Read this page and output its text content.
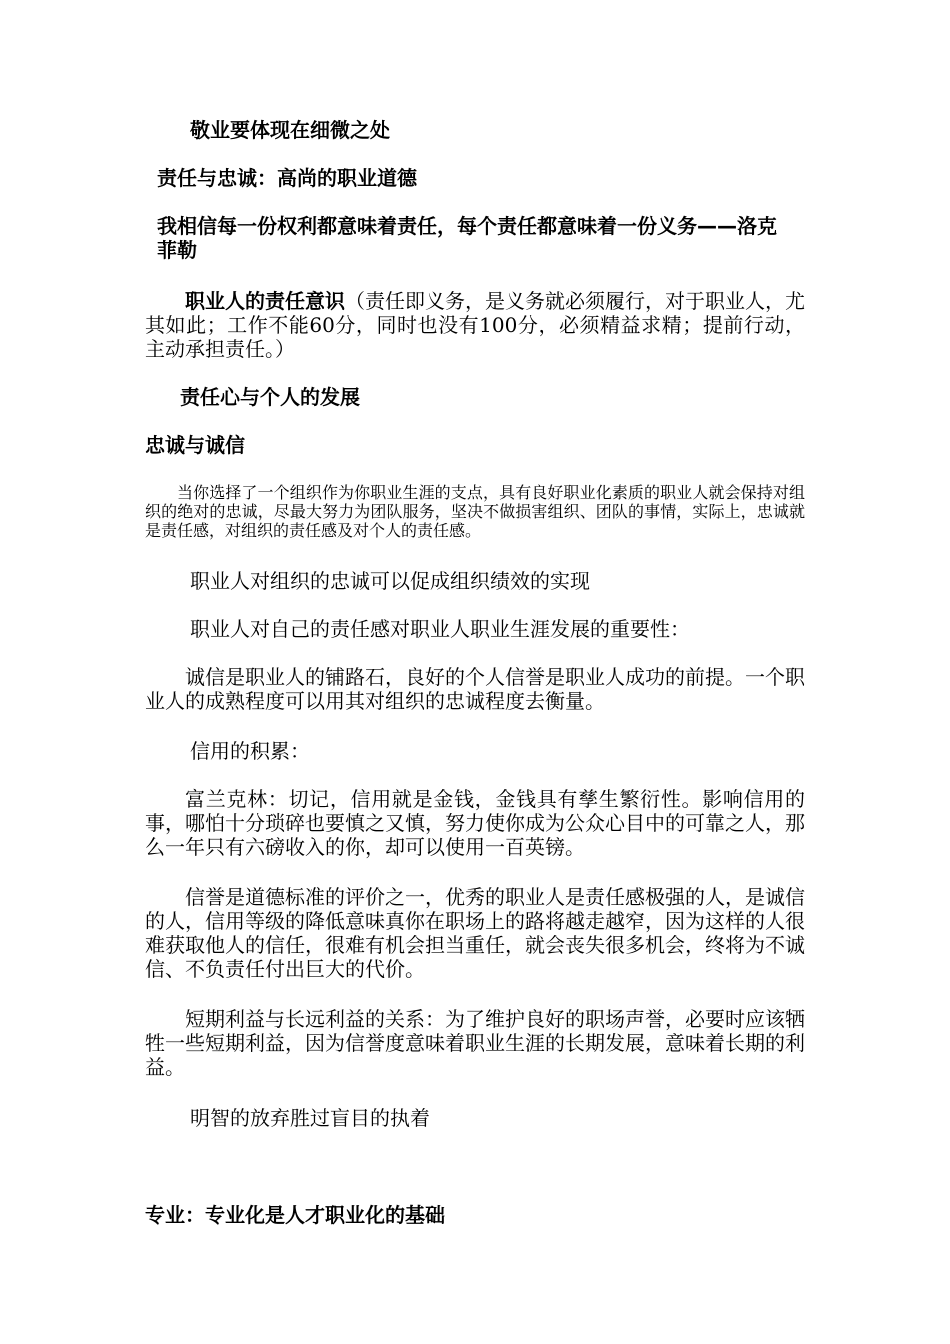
敬业要体现在细微之处

责任与忠诚：高尚的职业道德

我相信每一份权利都意味着责任，每个责任都意味着一份义务——洛克菲勒

职业人的责任意识（责任即义务，是义务就必须履行，对于职业人，尤其如此；工作不能60分，同时也没有100分，必须精益求精；提前行动，主动承担责任。）

责任心与个人的发展

忠诚与诚信

当你选择了一个组织作为你职业生涯的支点，具有良好职业化素质的职业人就会保持对组织的绝对的忠诚，尽最大努力为团队服务，坚决不做损害组织、团队的事情，实际上，忠诚就是责任感，对组织的责任感及对个人的责任感。

职业人对组织的忠诚可以促成组织绩效的实现

职业人对自己的责任感对职业人职业生涯发展的重要性：

诚信是职业人的铺路石，良好的个人信誉是职业人成功的前提。一个职业人的成熟程度可以用其对组织的忠诚程度去衡量。

信用的积累：

富兰克林：切记，信用就是金钱，金钱具有孳生繁衍性。影响信用的事，哪怕十分琐碎也要慎之又慎，努力使你成为公众心目中的可靠之人，那么一年只有六磅收入的你，却可以使用一百英镑。

信誉是道德标准的评价之一，优秀的职业人是责任感极强的人，是诚信的人，信用等级的降低意味真你在职场上的路将越走越窄，因为这样的人很难获取他人的信任，很难有机会担当重任，就会丧失很多机会，终将为不诚信、不负责任付出巨大的代价。

短期利益与长远利益的关系：为了维护良好的职场声誉，必要时应该牺牲一些短期利益，因为信誉度意味着职业生涯的长期发展，意味着长期的利益。

明智的放弃胜过盲目的执着

专业：专业化是人才职业化的基础
